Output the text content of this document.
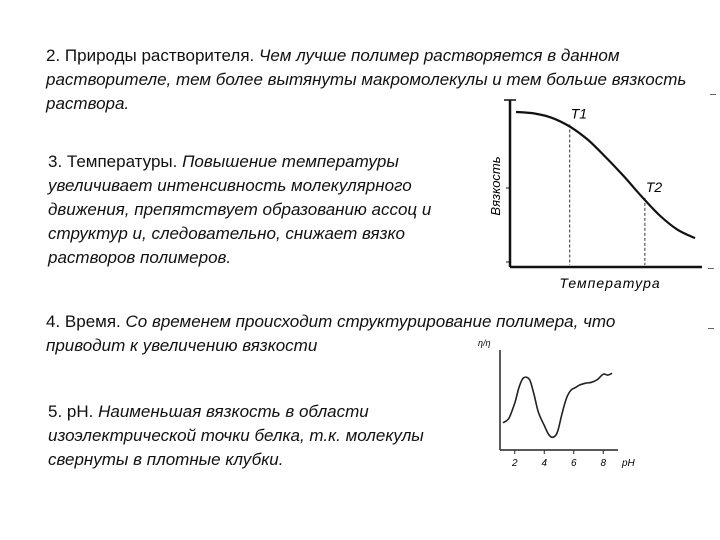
2. Природы растворителя. Чем лучше полимер растворяется в данном растворителе, тем более вытянуты макромолекулы и тем больше вязкость раствора.
3. Температуры. Повышение температуры увеличивает интенсивность молекулярного движения, препятствует образованию ассоц и структур и, следовательно, снижает вязко растворов полимеров.
4. Время. Со временем происходит структурирование полимера, что приводит к увеличению вязкости
5. pH. Наименьшая вязкость в области изоэлектрической точки белка, т.к. молекулы свернуты в плотные клубки.
Вязкость
Температура
T1
T2
η/η
pH
2 4 6 8
